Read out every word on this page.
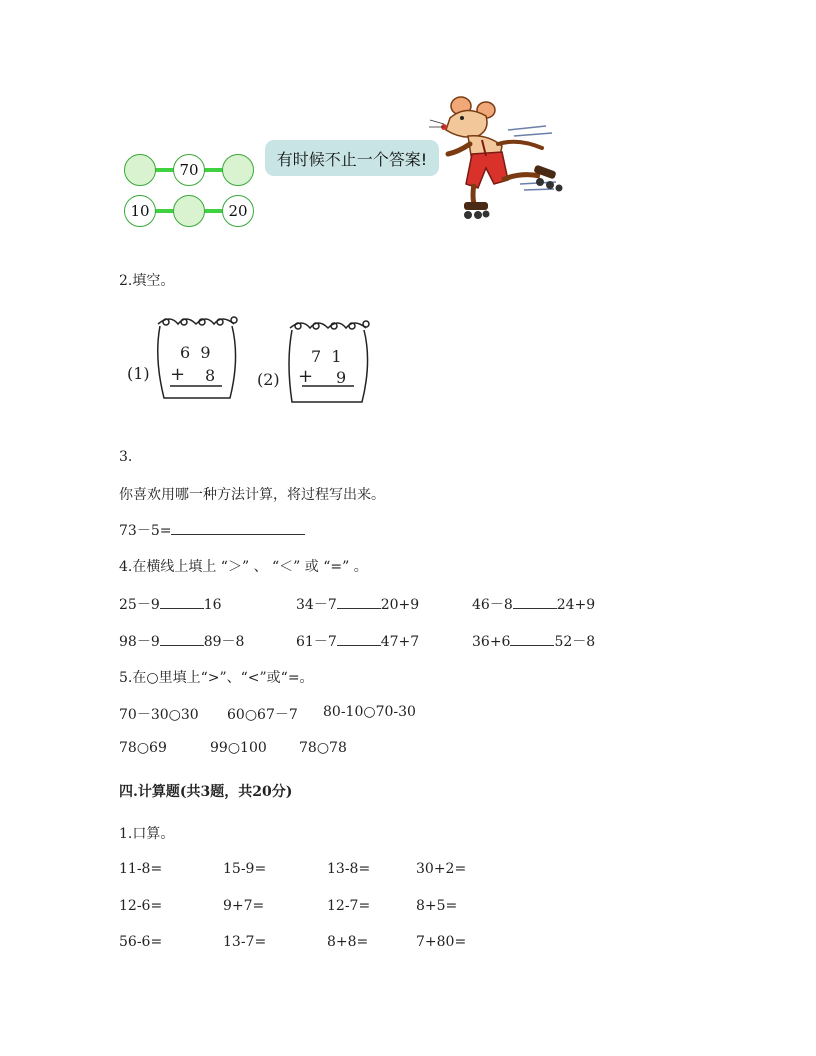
70
10	20
有时候不止一个答案!
2.填空。
(1)
6  9
+ 8	(2)
7  1
+ 9
3.
你喜欢用哪一种方法计算，将过程写出来。
73－5=
4.在横线上填上 “＞” 、 “＜” 或 “=” 。
25－9	16	34－7	20+9	46－8	24+9
98－9	89－8	61－7	47+7	36+6	52－8
5.在○里填上“>”、“<”或“=。
70－30○30 60○67－7 80-10○70-30
78○69	99○100 78○78
四.计算题(共3题，共20分)
1.口算。
11-8=	15-9=	13-8=	30+2=
12-6=	9+7=	12-7=	8+5=
56-6=	13-7=	8+8=	7+80=
